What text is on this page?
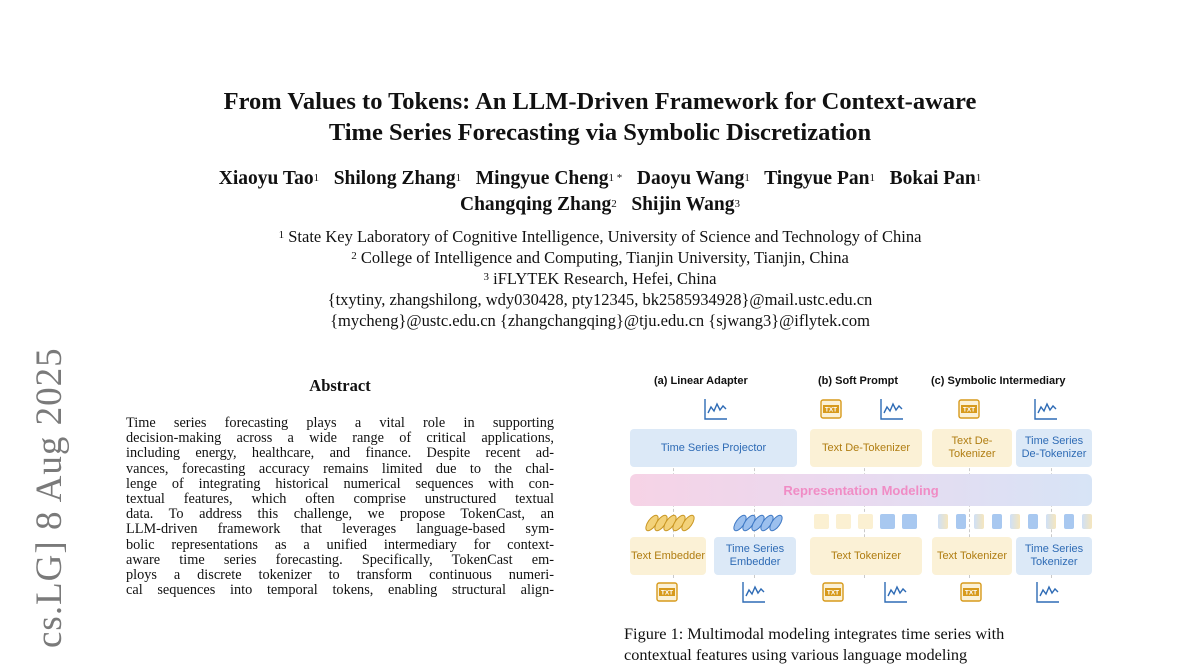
cs.LG] 8 Aug 2025
From Values to Tokens: An LLM-Driven Framework for Context-aware
Time Series Forecasting via Symbolic Discretization
Xiaoyu Tao$^1$ Shilong Zhang$^1$ Mingyue Cheng$^{1 *}$ Daoyu Wang$^1$ Tingyue Pan$^1$ Bokai Pan$^1$
Changqing Zhang$^2$ Shijin Wang$^3$
$^1$ State Key Laboratory of Cognitive Intelligence, University of Science and Technology of China
$^2$ College of Intelligence and Computing, Tianjin University, Tianjin, China
$^3$ iFLYTEK Research, Hefei, China
{txytiny, zhangshilong, wdy030428, pty12345, bk2585934928}@mail.ustc.edu.cn
{mycheng}@ustc.edu.cn {zhangchangqing}@tju.edu.cn {sjwang3}@iflytek.com
Abstract
Time series forecasting plays a vital role in supporting
decision-making across a wide range of critical applications,
including energy, healthcare, and finance. Despite recent ad-
vances, forecasting accuracy remains limited due to the chal-
lenge of integrating historical numerical sequences with con-
textual features, which often comprise unstructured textual
data. To address this challenge, we propose TokenCast, an
LLM-driven framework that leverages language-based sym-
bolic representations as a unified intermediary for context-
aware time series forecasting. Specifically, TokenCast em-
ploys a discrete tokenizer to transform continuous numeri-
cal sequences into temporal tokens, enabling structural align-
(a) Linear Adapter	(b) Soft Prompt	(c) Symbolic Intermediary
TXT	TXT
Time Series Projector	Text De-Tokenizer
Text De- Tokenizer
Time Series De-Tokenizer
Representation Modeling
Text Embedder
Time Series Embedder
Text Tokenizer	Text Tokenizer
Time Series Tokenizer
TXT	TXT	TXT
Figure 1: Multimodal modeling integrates time series with
contextual features using various language modeling
